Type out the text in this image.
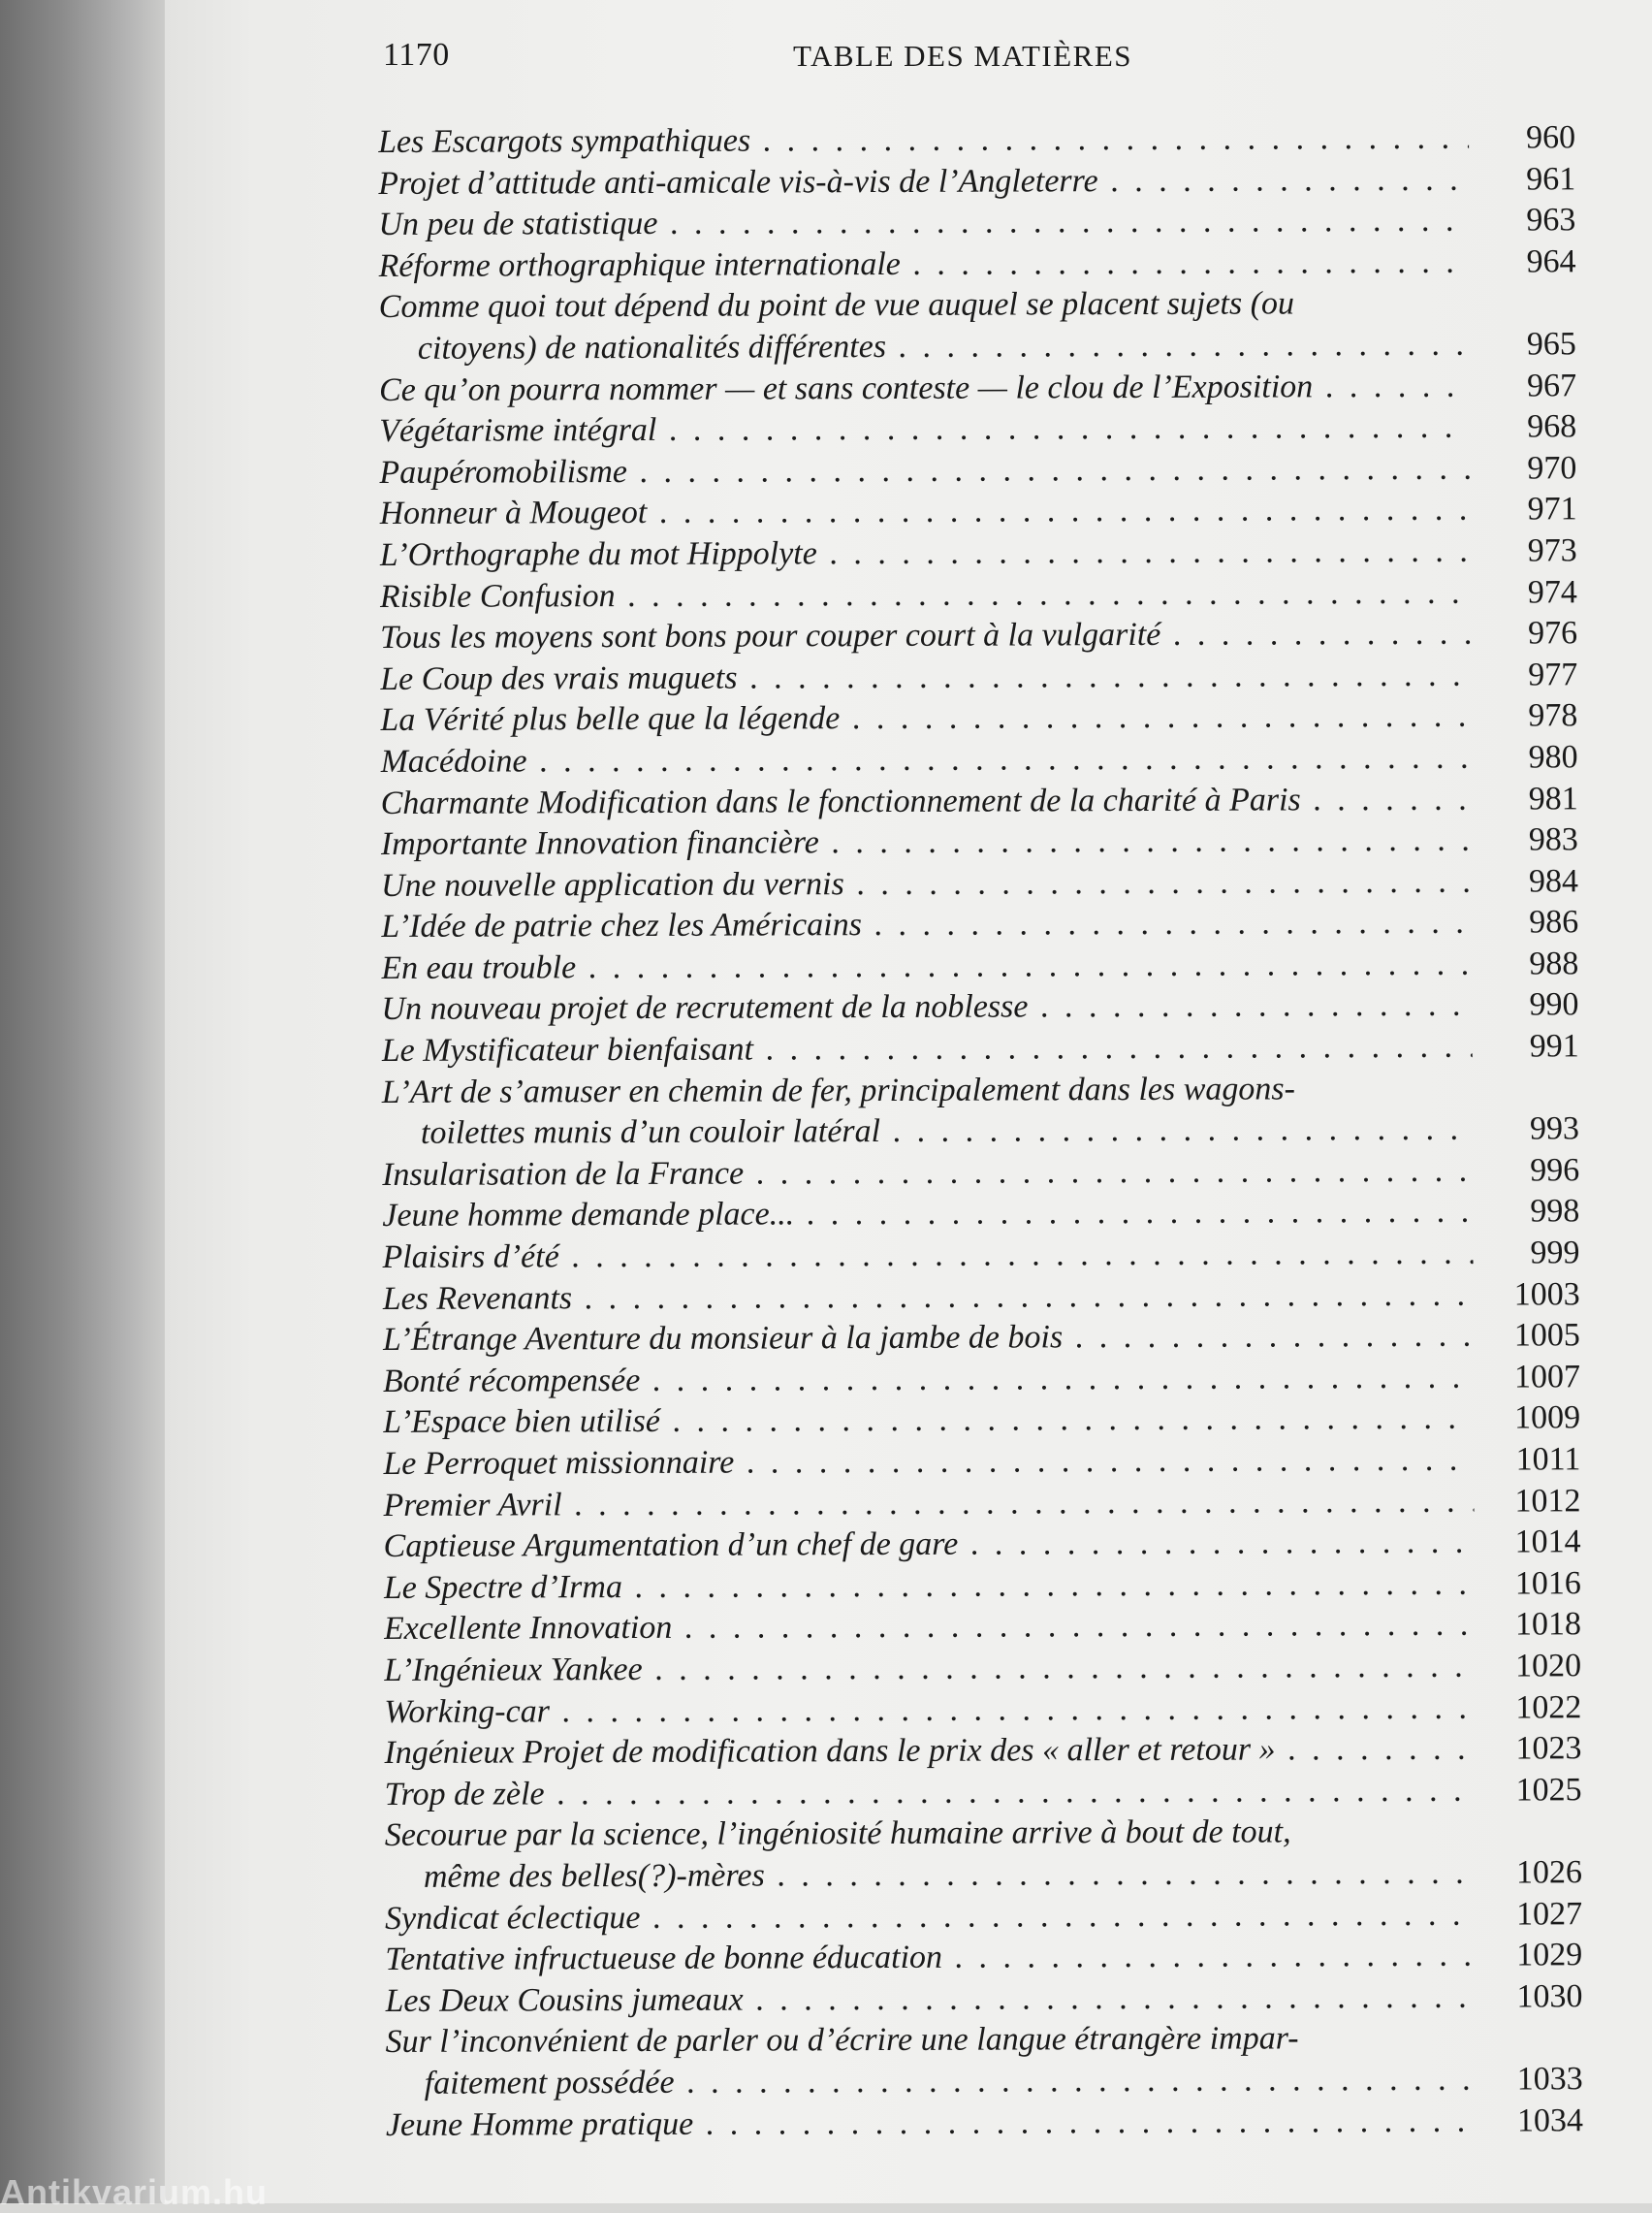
1170	TABLE DES MATIÈRES
Les Escargots sympathiques . . .	960
Projet d’attitude anti-amicale vis-à-vis de l’Angleterre . . .	961
Un peu de statistique . . .	963
Réforme orthographique internationale . . .	964
Comme quoi tout dépend du point de vue auquel se placent sujets (ou
citoyens) de nationalités différentes . . .	965
Ce qu’on pourra nommer — et sans conteste — le clou de l’Exposition . . .	967
Végétarisme intégral . . .	968
Paupéromobilisme . . .	970
Honneur à Mougeot . . .	971
L’Orthographe du mot Hippolyte . . .	973
Risible Confusion . . .	974
Tous les moyens sont bons pour couper court à la vulgarité . . .	976
Le Coup des vrais muguets . . .	977
La Vérité plus belle que la légende . . .	978
Macédoine . . .	980
Charmante Modification dans le fonctionnement de la charité à Paris . . .	981
Importante Innovation financière . . .	983
Une nouvelle application du vernis . . .	984
L’Idée de patrie chez les Américains . . .	986
En eau trouble . . .	988
Un nouveau projet de recrutement de la noblesse . . .	990
Le Mystificateur bienfaisant . . .	991
L’Art de s’amuser en chemin de fer, principalement dans les wagons-
toilettes munis d’un couloir latéral . . .	993
Insularisation de la France . . .	996
Jeune homme demande place... . . .	998
Plaisirs d’été . . .	999
Les Revenants . . .	1003
L’Étrange Aventure du monsieur à la jambe de bois . . .	1005
Bonté récompensée . . .	1007
L’Espace bien utilisé . . .	1009
Le Perroquet missionnaire . . .	1011
Premier Avril . . .	1012
Captieuse Argumentation d’un chef de gare . . .	1014
Le Spectre d’Irma . . .	1016
Excellente Innovation . . .	1018
L’Ingénieux Yankee . . .	1020
Working-car . . .	1022
Ingénieux Projet de modification dans le prix des « aller et retour » . . .	1023
Trop de zèle . . .	1025
Secourue par la science, l’ingéniosité humaine arrive à bout de tout,
même des belles(?)-mères . . .	1026
Syndicat éclectique . . .	1027
Tentative infructueuse de bonne éducation . . .	1029
Les Deux Cousins jumeaux . . .	1030
Sur l’inconvénient de parler ou d’écrire une langue étrangère impar-
faitement possédée . . .	1033
Jeune Homme pratique . . .	1034
Antikvarium.hu
